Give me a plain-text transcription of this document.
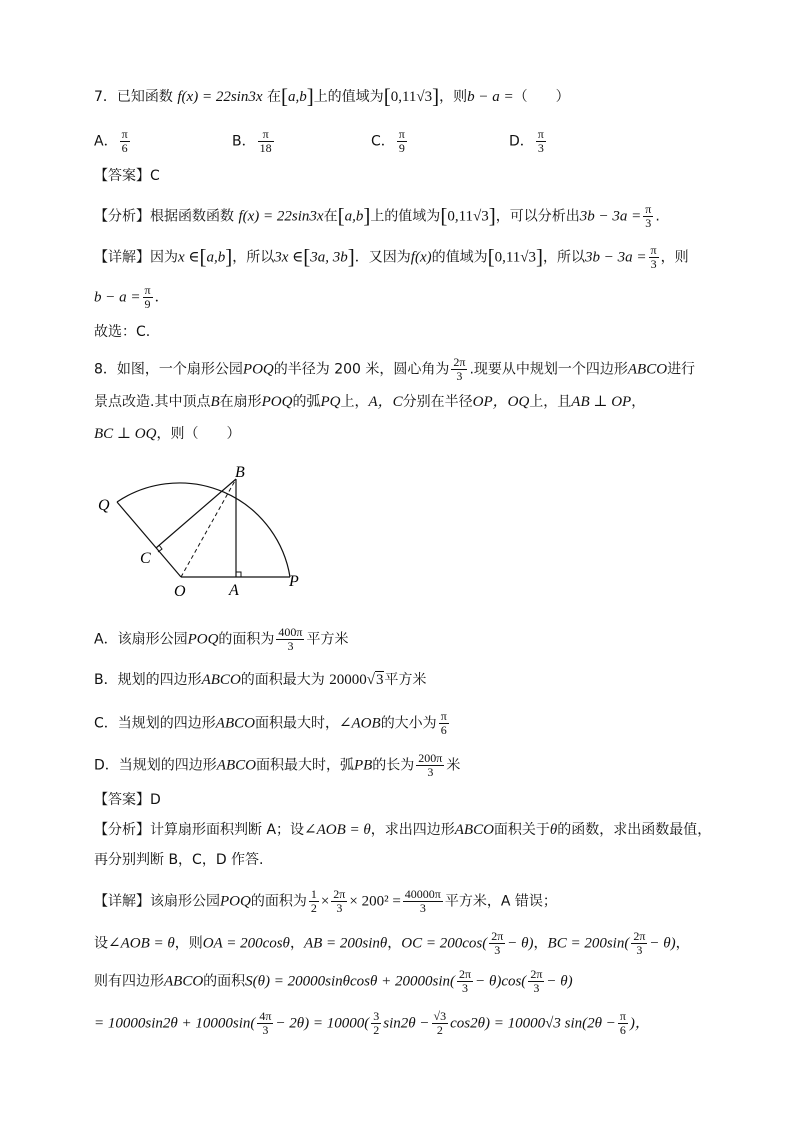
7．已知函数 f(x) = 22sin3x 在[a,b]上的值域为[0,11√3]，则b − a =（　　）
A． $\frac{\pi}{6}$	B． $\frac{\pi}{18}$	C． $\frac{\pi}{9}$	D． $\frac{\pi}{3}$
【答案】C
【分析】根据函数函数 f(x) = 22sin3x在[a,b]上的值域为[0,11√3]，可以分析出$3b - 3a = \frac{\pi}{3}$ .
【详解】因为x ∈[a,b]，所以3x ∈[3a, 3b]．又因为f(x)的值域为[0,11√3]，所以$3b - 3a = \frac{\pi}{3}$ ，则
$b - a = \frac{\pi}{9}$ ．
故选：C.
8．如图，一个扇形公园POQ的半径为 200 米，圆心角为 $\frac{2\pi}{3}$ .现要从中规划一个四边形ABCO进行
景点改造.其中顶点B在扇形POQ的弧PQ上，A，C分别在半径OP，OQ上，且AB ⊥ OP，
BC ⊥ OQ，则（　　）
Q
B
C
O	A
P
A．该扇形公园POQ的面积为 $\frac{400\pi}{3}$ 平方米
B．规划的四边形ABCO的面积最大为 20000√3平方米
C．当规划的四边形ABCO面积最大时，∠AOB的大小为 $\frac{\pi}{6}$
D．当规划的四边形ABCO面积最大时，弧PB的长为 $\frac{200\pi}{3}$ 米
【答案】D
【分析】计算扇形面积判断 A；设∠AOB = θ，求出四边形ABCO面积关于θ的函数，求出函数最值，
再分别判断 B，C，D 作答.
【详解】该扇形公园POQ的面积为 $\frac{1}{2} \times \frac{2\pi}{3} \times 200^2 = \frac{40000\pi}{3}$ 平方米，A 错误；
设∠AOB = θ，则OA = 200cosθ，AB = 200sinθ，OC = $200\cos( \frac{2\pi}{3} - \theta)$，BC = $200\sin( \frac{2\pi}{3} - \theta)$，
则有四边形ABCO的面积$S(\theta) = 20000\sin\theta\cos\theta + 20000\sin( \frac{2\pi}{3} - \theta)\cos( \frac{2\pi}{3} - \theta)$
= $10000\sin 2\theta + 10000\sin( \frac{4\pi}{3} - 2\theta) = 10000( \frac{3}{2} \sin 2\theta - \frac{√3}{2} \cos 2\theta) = 10000√3$ $\sin(2\theta - \frac{\pi}{6}$ )，
